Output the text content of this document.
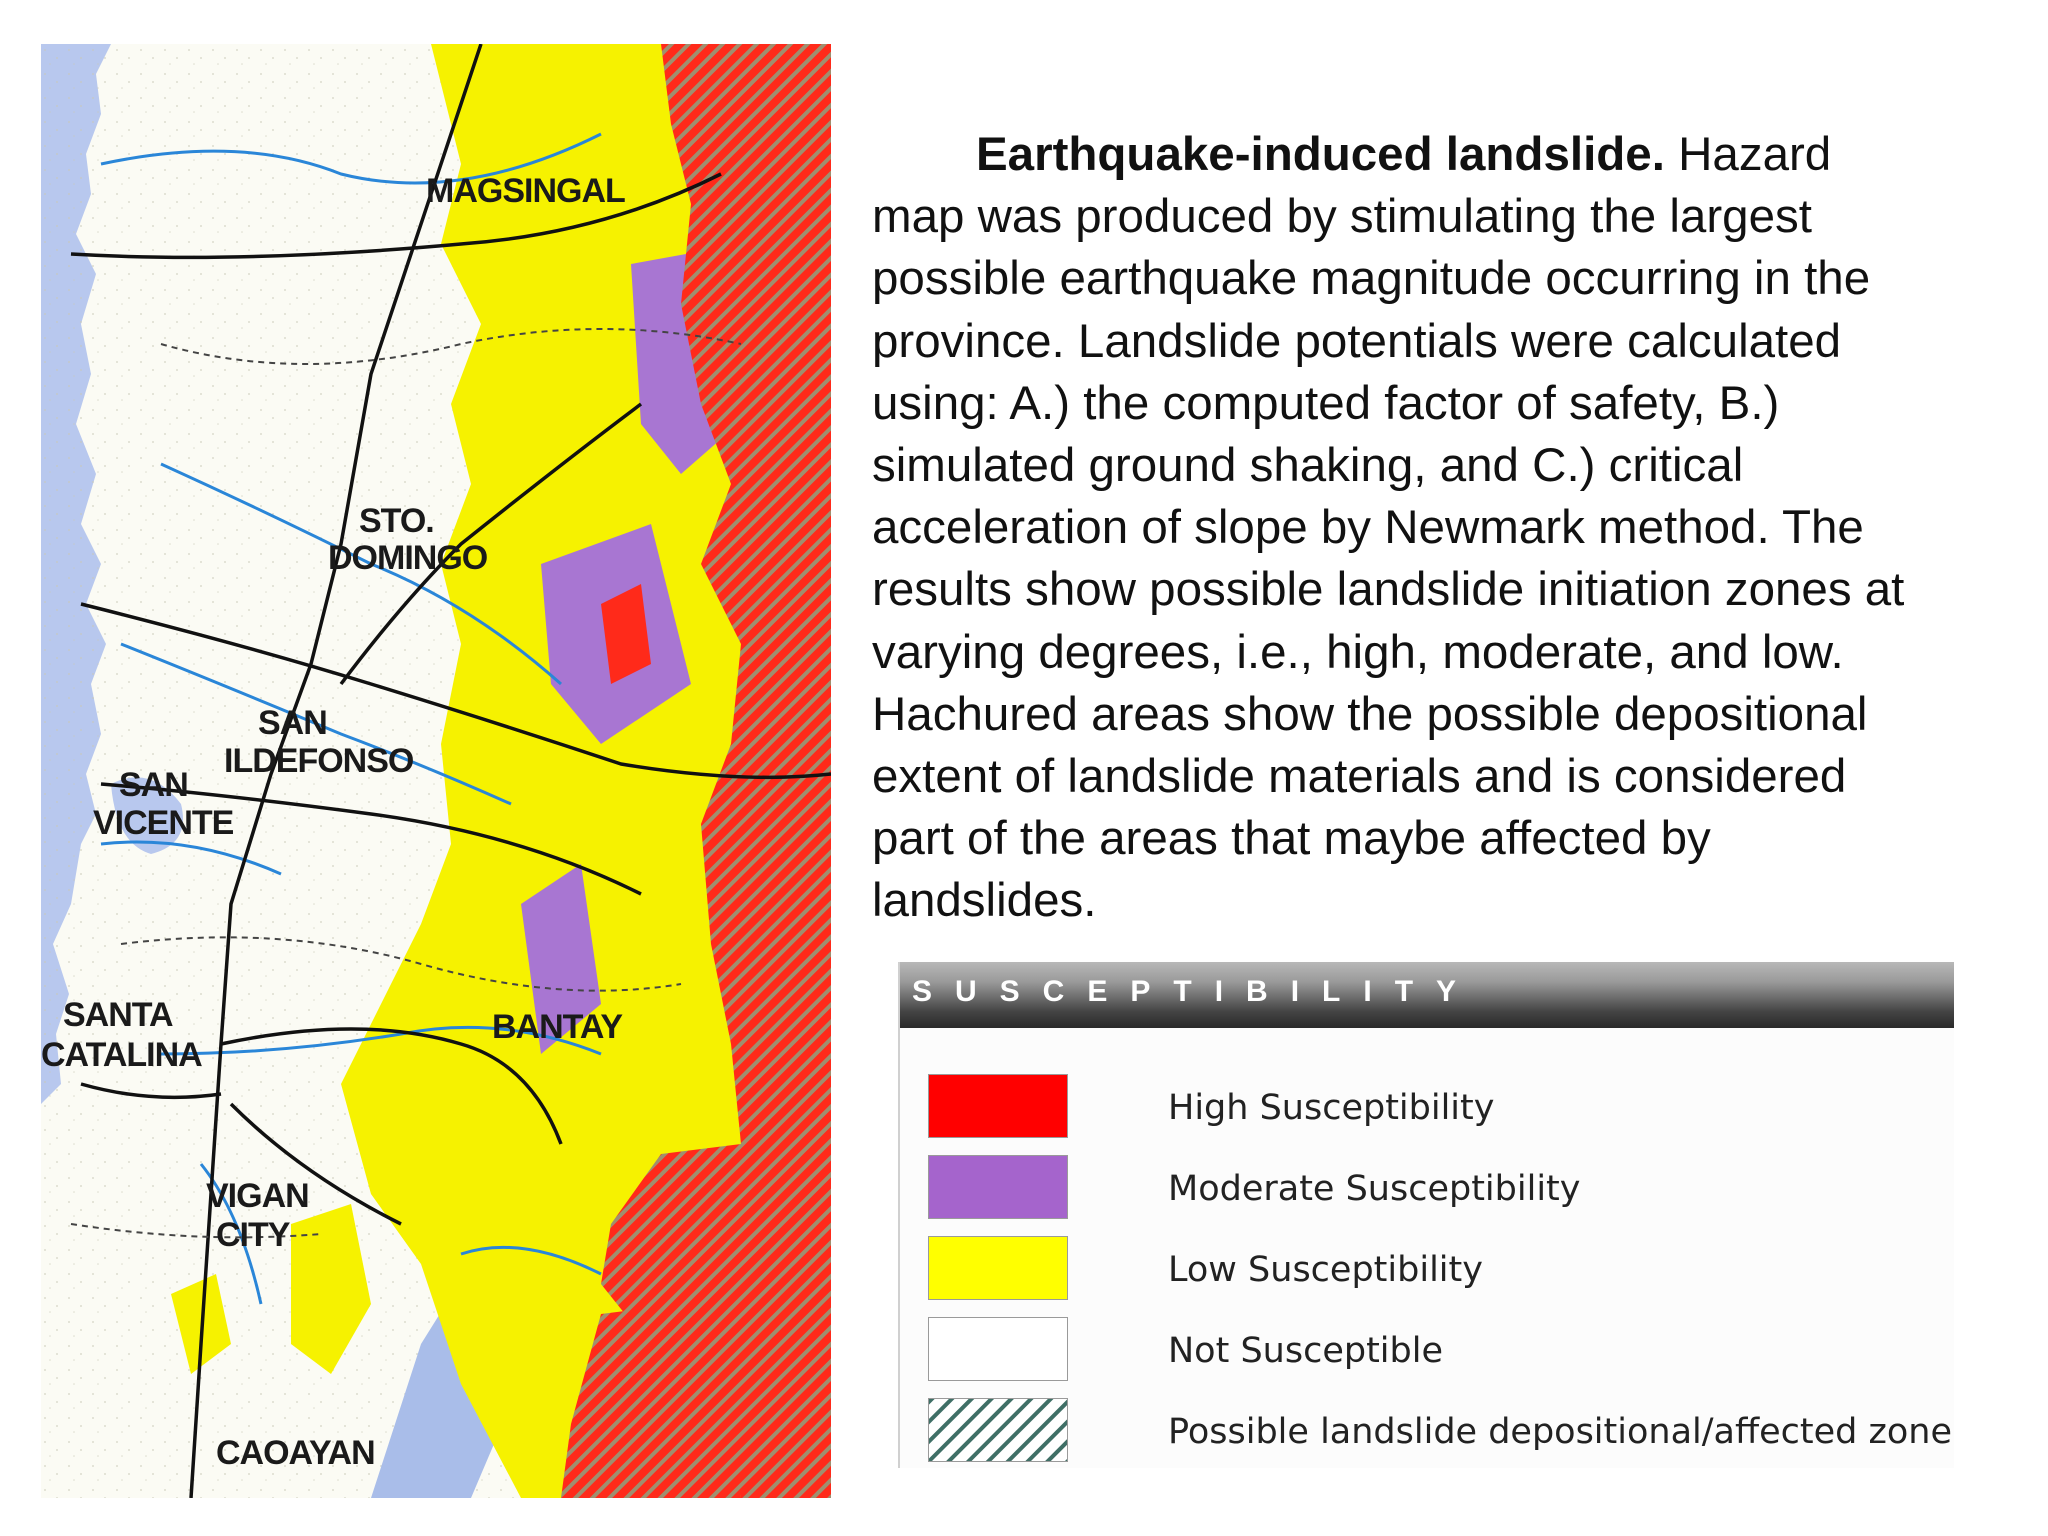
MAGSINGAL
STO.
DOMINGO
SAN
ILDEFONSO
SAN
VICENTE
SANTA
CATALINA
BANTAY
VIGAN
CITY
CAOAYAN
Earthquake-induced landslide. Hazard map was produced by stimulating the largest possible earthquake magnitude occurring in the province. Landslide potentials were calculated using: A.) the computed factor of safety, B.) simulated ground shaking, and C.) critical acceleration of slope by Newmark method. The results show possible landslide initiation zones at varying degrees, i.e., high, moderate, and low. Hachured areas show the possible depositional extent of landslide materials and is considered part of the areas that maybe affected by landslides.
SUSCEPTIBILITY
High Susceptibility
Moderate Susceptibility
Low Susceptibility
Not Susceptible
Possible landslide depositional/affected zone
